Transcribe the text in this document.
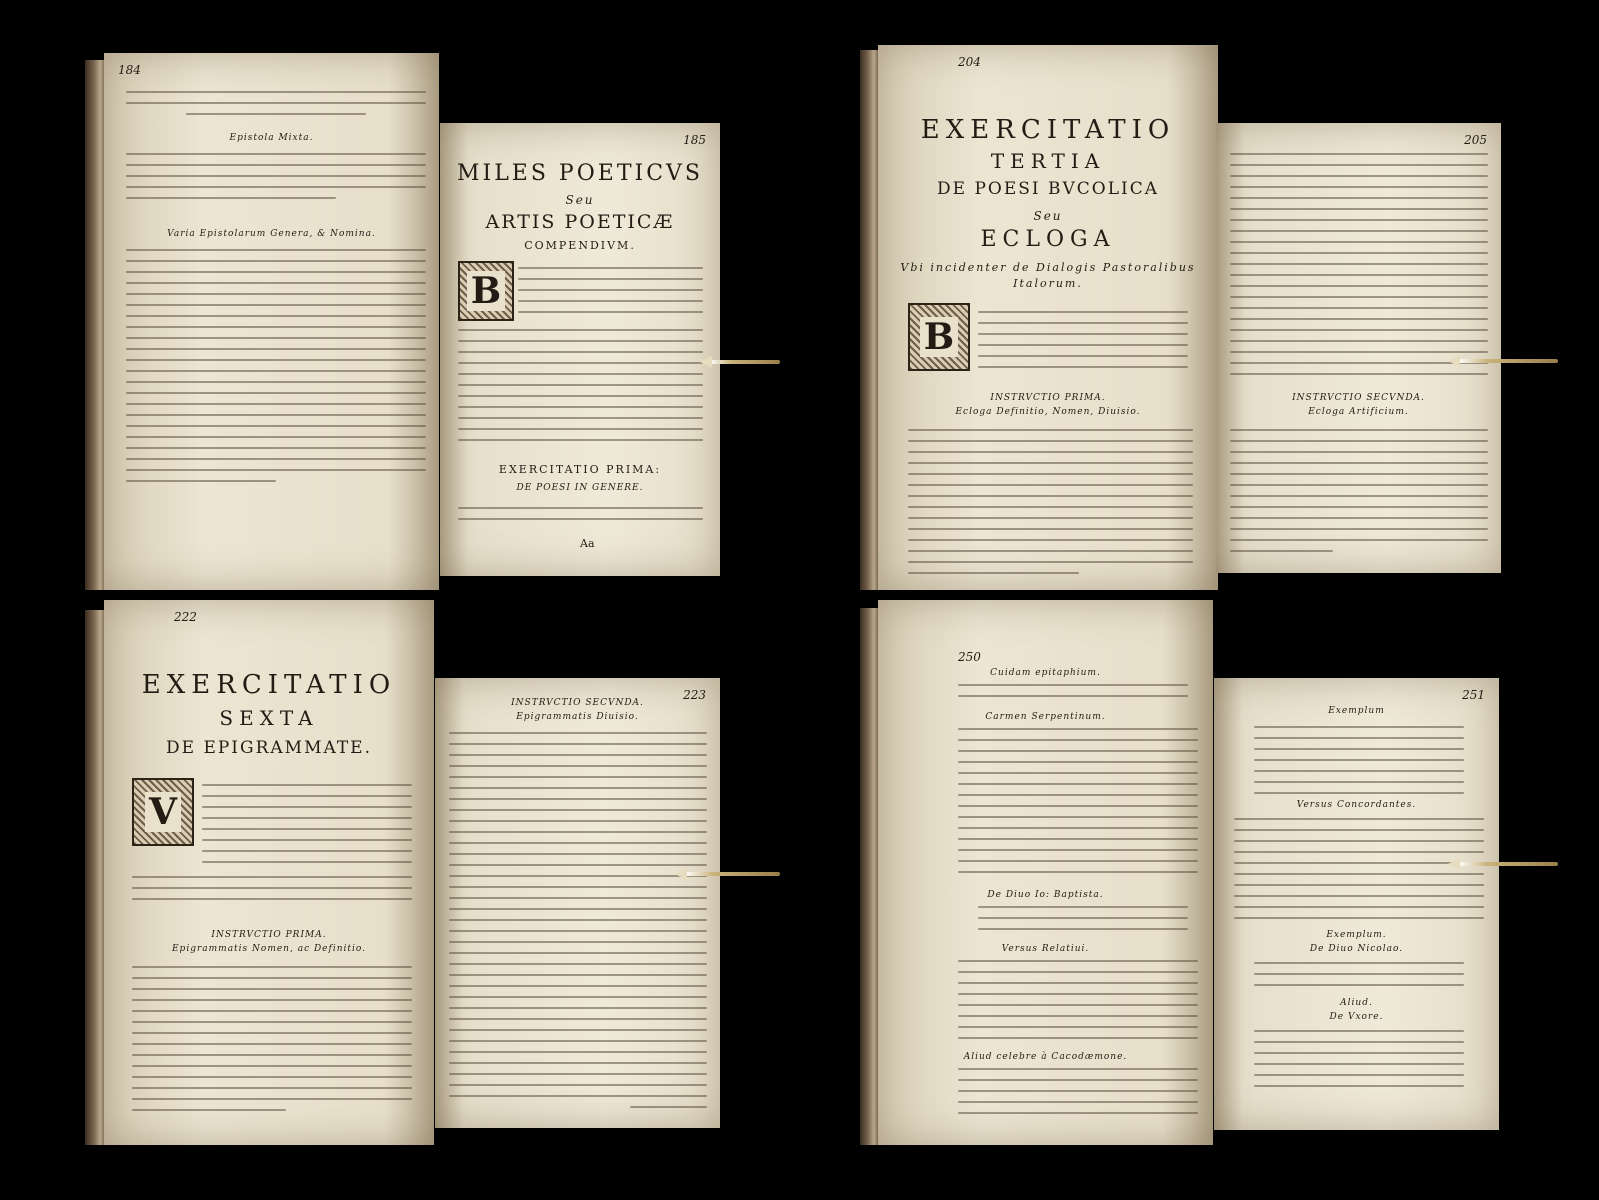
184
Epistola Mixta.
Varia Epistolarum Genera, & Nomina.
185
MILES POETICVS
Seu
ARTIS POETICÆ
COMPENDIVM.
B
EXERCITATIO PRIMA:
DE POESI IN GENERE.
Aa
204
EXERCITATIO
TERTIA
DE POESI BVCOLICA
Seu
ECLOGA
Vbi incidenter de Dialogis Pastoralibus
Italorum.
B
INSTRVCTIO PRIMA.
Ecloga Definitio, Nomen, Diuisio.
205
INSTRVCTIO SECVNDA.
Ecloga Artificium.
222
EXERCITATIO
SEXTA
DE EPIGRAMMATE.
V
INSTRVCTIO PRIMA.
Epigrammatis Nomen, ac Definitio.
223
INSTRVCTIO SECVNDA.
Epigrammatis Diuisio.
250
Cuidam epitaphium.
Carmen Serpentinum.
De Diuo Io: Baptista.
Versus Relatiui.
Aliud celebre à Cacodæmone.
251
Exemplum
Versus Concordantes.
Exemplum.
De Diuo Nicolao.
Aliud.
De Vxore.
